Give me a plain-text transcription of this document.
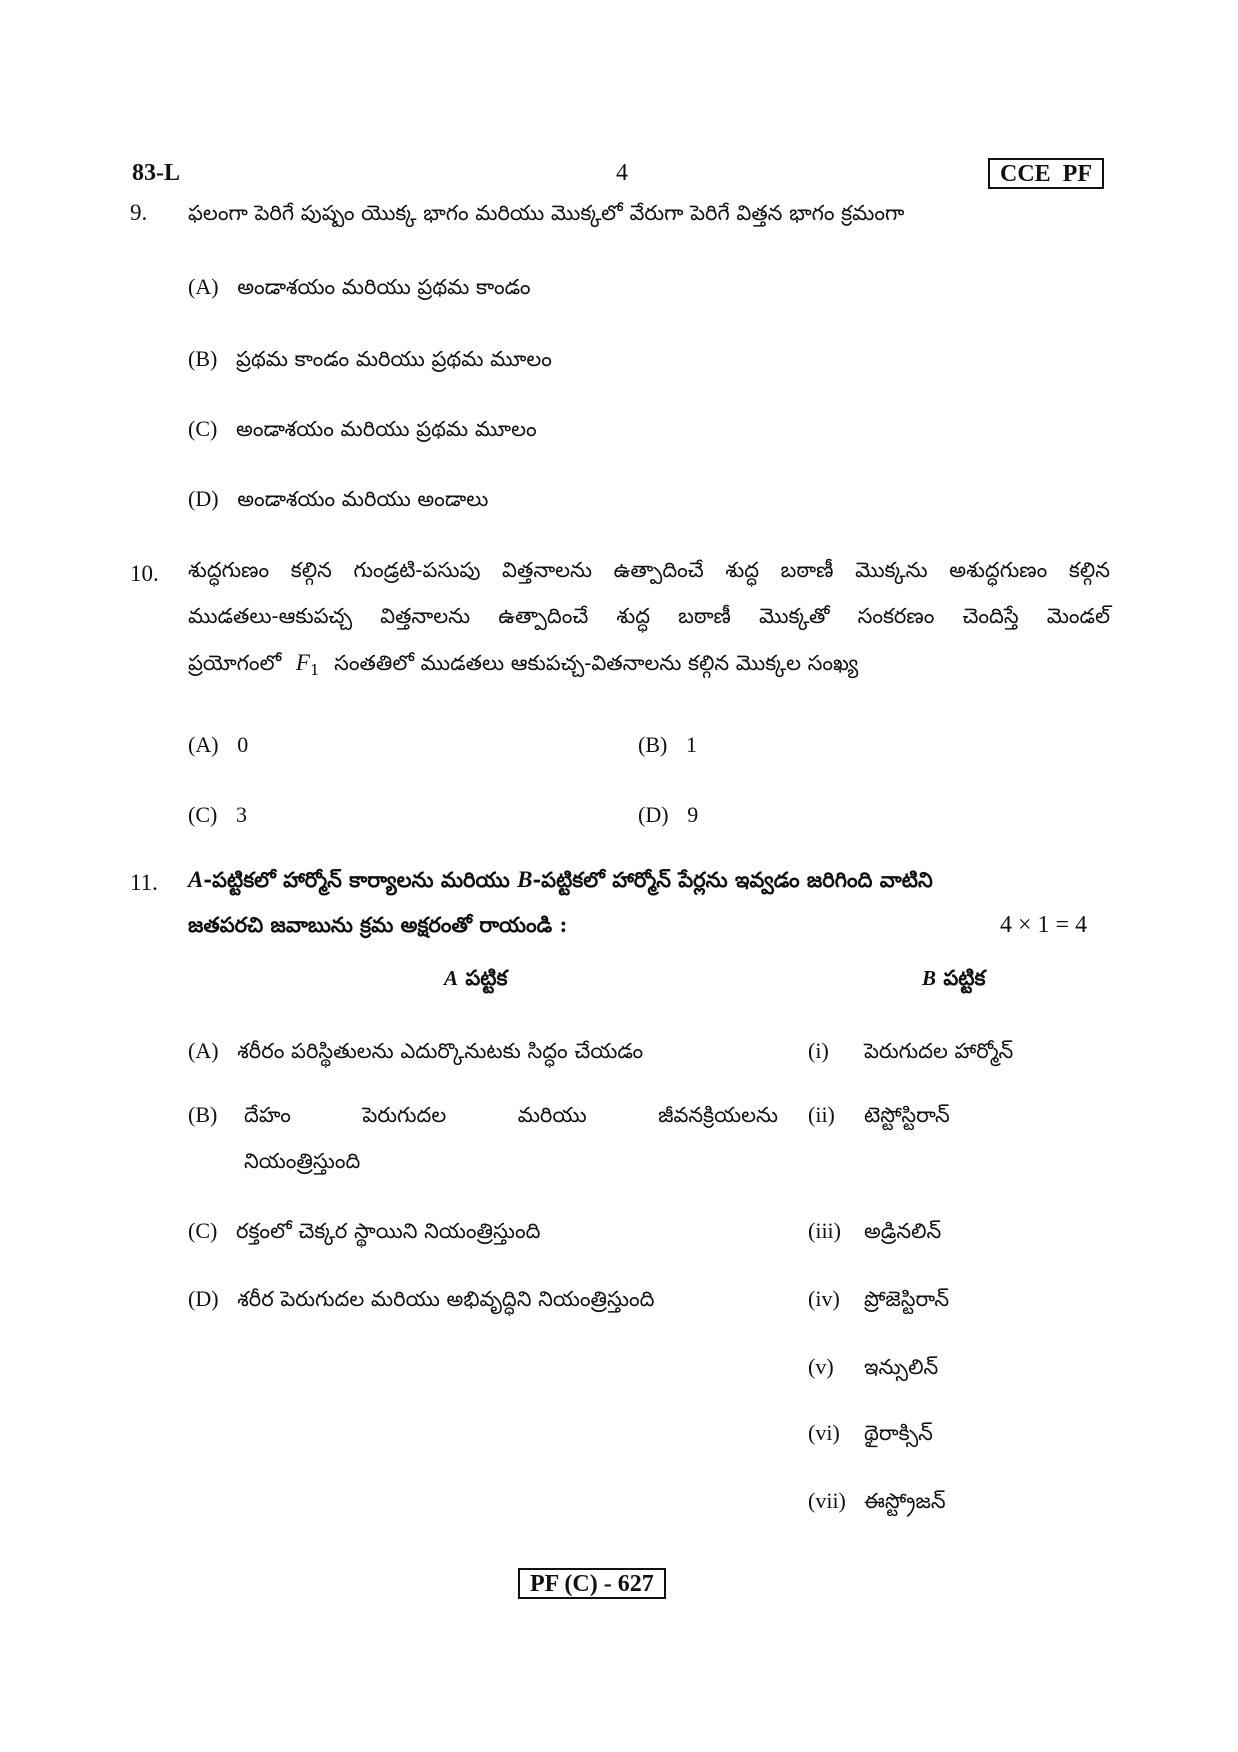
83-L	4	CCE PF
9. ఫలంగా పెరిగే పుష్పం యొక్క భాగం మరియు మొక్కలో వేరుగా పెరిగే విత్తన భాగం క్రమంగా
(A) అండాశయం మరియు ప్రథమ కాండం
(B) ప్రథమ కాండం మరియు ప్రథమ మూలం
(C) అండాశయం మరియు ప్రథమ మూలం
(D) అండాశయం మరియు అండాలు
10. శుద్ధగుణం కల్గిన గుండ్రటి-పసుపు విత్తనాలను ఉత్పాదించే శుద్ధ బఠాణీ మొక్కను అశుద్ధగుణం కల్గిన
ముడతలు-ఆకుపచ్చ విత్తనాలను ఉత్పాదించే శుద్ధ బఠాణీ మొక్కతో సంకరణం చెందిస్తే మెండల్
ప్రయోగంలో $F_1$ సంతతిలో ముడతలు ఆకుపచ్చ-వితనాలను కల్గిన మొక్కల సంఖ్య
(A) 0	(B) 1
(C) 3	(D) 9
11. A-పట్టికలో హార్మోన్ కార్యాలను మరియు B-పట్టికలో హార్మోన్ పేర్లను ఇవ్వడం జరిగింది వాటిని
జతపరచి జవాబును క్రమ అక్షరంతో రాయండి :	4 × 1 = 4
A పట్టిక	B పట్టిక
(A) శరీరం పరిస్థితులను ఎదుర్కొనుటకు సిద్ధం చేయడం
(B) దేహం పెరుగుదల మరియు జీవనక్రియలను
నియంత్రిస్తుంది
(C) రక్తంలో చెక్కర స్థాయిని నియంత్రిస్తుంది
(D) శరీర పెరుగుదల మరియు అభివృద్ధిని నియంత్రిస్తుంది
(i) పెరుగుదల హార్మోన్
(ii) టెస్టోస్టిరాన్
(iii) అడ్రినలిన్
(iv) ప్రోజెస్టిరాన్
(v) ఇన్సులిన్
(vi) థైరాక్సిన్
(vii) ఈస్ట్రోజన్
PF (C) - 627
